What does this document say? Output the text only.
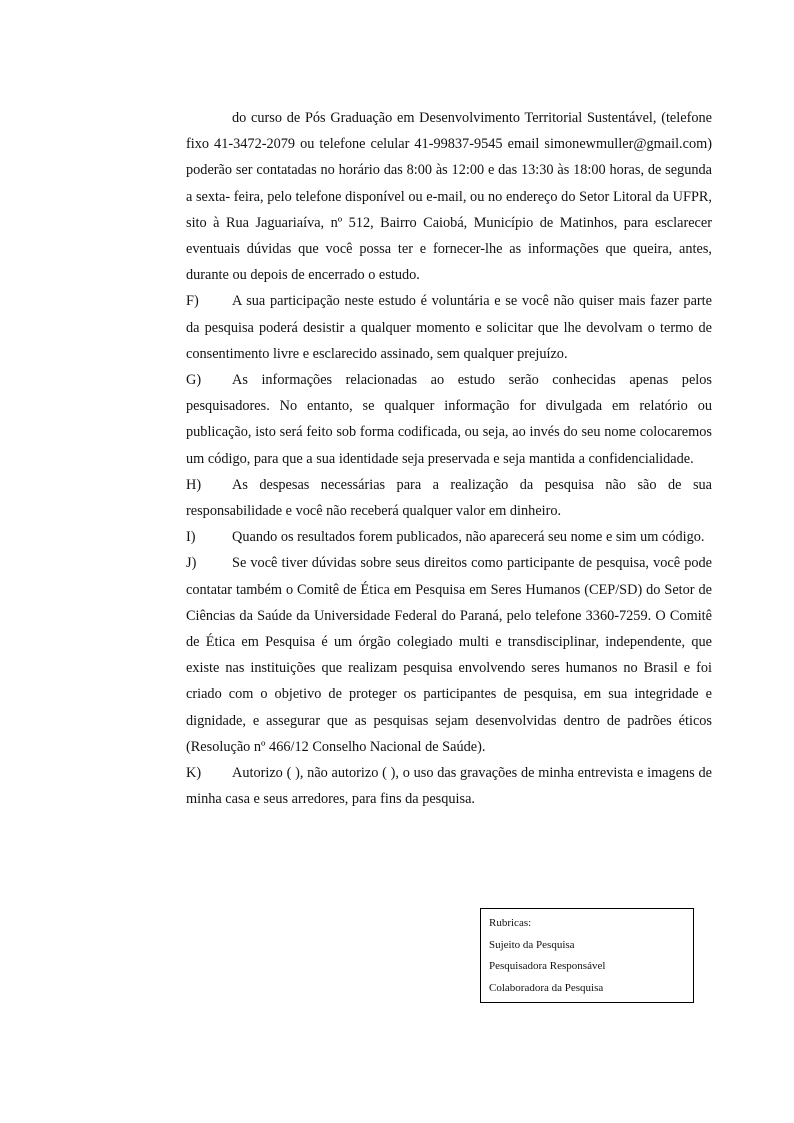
do curso de Pós Graduação em Desenvolvimento Territorial Sustentável, (telefone fixo 41-3472-2079 ou telefone celular 41-99837-9545 email simonewmuller@gmail.com) poderão ser contatadas no horário das 8:00 às 12:00 e das 13:30 às 18:00 horas, de segunda a sexta- feira, pelo telefone disponível ou e-mail, ou no endereço do Setor Litoral da UFPR, sito à Rua Jaguariaíva, nº 512, Bairro Caiobá, Município de Matinhos, para esclarecer eventuais dúvidas que você possa ter e fornecer-lhe as informações que queira, antes, durante ou depois de encerrado o estudo.

F) A sua participação neste estudo é voluntária e se você não quiser mais fazer parte da pesquisa poderá desistir a qualquer momento e solicitar que lhe devolvam o termo de consentimento livre e esclarecido assinado, sem qualquer prejuízo.

G) As informações relacionadas ao estudo serão conhecidas apenas pelos pesquisadores. No entanto, se qualquer informação for divulgada em relatório ou publicação, isto será feito sob forma codificada, ou seja, ao invés do seu nome colocaremos um código, para que a sua identidade seja preservada e seja mantida a confidencialidade.

H) As despesas necessárias para a realização da pesquisa não são de sua responsabilidade e você não receberá qualquer valor em dinheiro.

I)	Quando os resultados forem publicados, não aparecerá seu nome e sim um código.

J) Se você tiver dúvidas sobre seus direitos como participante de pesquisa, você pode contatar também o Comitê de Ética em Pesquisa em Seres Humanos (CEP/SD) do Setor de Ciências da Saúde da Universidade Federal do Paraná, pelo telefone 3360-7259. O Comitê de Ética em Pesquisa é um órgão colegiado multi e transdisciplinar, independente, que existe nas instituições que realizam pesquisa envolvendo seres humanos no Brasil e foi criado com o objetivo de proteger os participantes de pesquisa, em sua integridade e dignidade, e assegurar que as pesquisas sejam desenvolvidas dentro de padrões éticos (Resolução nº 466/12 Conselho Nacional de Saúde).

K) Autorizo ( ), não autorizo ( ), o uso das gravações de minha entrevista e imagens de minha casa e seus arredores, para fins da pesquisa.

Rubricas:
Sujeito da Pesquisa
Pesquisadora Responsável
Colaboradora da Pesquisa
